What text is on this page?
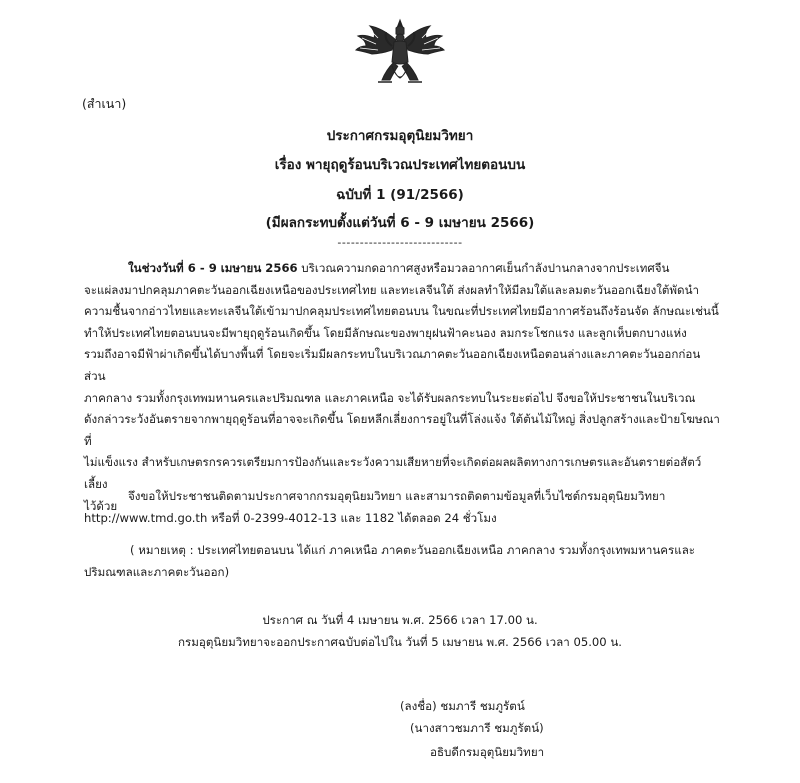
(สำเนา)
ประกาศกรมอุตุนิยมวิทยา
เรื่อง พายุฤดูร้อนบริเวณประเทศไทยตอนบน
ฉบับที่ 1 (91/2566)
(มีผลกระทบตั้งแต่วันที่ 6 - 9 เมษายน 2566)
----------------------------
ในช่วงวันที่ 6 - 9 เมษายน 2566 บริเวณความกดอากาศสูงหรือมวลอากาศเย็นกำลังปานกลางจากประเทศจีน
จะแผ่ลงมาปกคลุมภาคตะวันออกเฉียงเหนือของประเทศไทย และทะเลจีนใต้ ส่งผลทำให้มีลมใต้และลมตะวันออกเฉียงใต้พัดนำ
ความชื้นจากอ่าวไทยและทะเลจีนใต้เข้ามาปกคลุมประเทศไทยตอนบน ในขณะที่ประเทศไทยมีอากาศร้อนถึงร้อนจัด ลักษณะเช่นนี้
ทำให้ประเทศไทยตอนบนจะมีพายุฤดูร้อนเกิดขึ้น โดยมีลักษณะของพายุฝนฟ้าคะนอง ลมกระโชกแรง และลูกเห็บตกบางแห่ง
รวมถึงอาจมีฟ้าผ่าเกิดขึ้นได้บางพื้นที่ โดยจะเริ่มมีผลกระทบในบริเวณภาคตะวันออกเฉียงเหนือตอนล่างและภาคตะวันออกก่อน ส่วน
ภาคกลาง รวมทั้งกรุงเทพมหานครและปริมณฑล และภาคเหนือ จะได้รับผลกระทบในระยะต่อไป จึงขอให้ประชาชนในบริเวณ
ดังกล่าวระวังอันตรายจากพายุฤดูร้อนที่อาจจะเกิดขึ้น โดยหลีกเลี่ยงการอยู่ในที่โล่งแจ้ง ใต้ต้นไม้ใหญ่ สิ่งปลูกสร้างและป้ายโฆษณาที่
ไม่แข็งแรง สำหรับเกษตรกรควรเตรียมการป้องกันและระวังความเสียหายที่จะเกิดต่อผลผลิตทางการเกษตรและอันตรายต่อสัตว์เลี้ยง
ไว้ด้วย
จึงขอให้ประชาชนติดตามประกาศจากกรมอุตุนิยมวิทยา และสามารถติดตามข้อมูลที่เว็บไซต์กรมอุตุนิยมวิทยา
http://www.tmd.go.th หรือที่ 0-2399-4012-13 และ 1182 ได้ตลอด 24 ชั่วโมง
( หมายเหตุ : ประเทศไทยตอนบน ได้แก่ ภาคเหนือ ภาคตะวันออกเฉียงเหนือ ภาคกลาง รวมทั้งกรุงเทพมหานครและ
ปริมณฑลและภาคตะวันออก)
ประกาศ ณ วันที่ 4 เมษายน พ.ศ. 2566 เวลา 17.00 น.
กรมอุตุนิยมวิทยาจะออกประกาศฉบับต่อไปใน วันที่ 5 เมษายน พ.ศ. 2566 เวลา 05.00 น.
(ลงชื่อ) ชมภารี ชมภูรัตน์
(นางสาวชมภารี ชมภูรัตน์)
อธิบดีกรมอุตุนิยมวิทยา
